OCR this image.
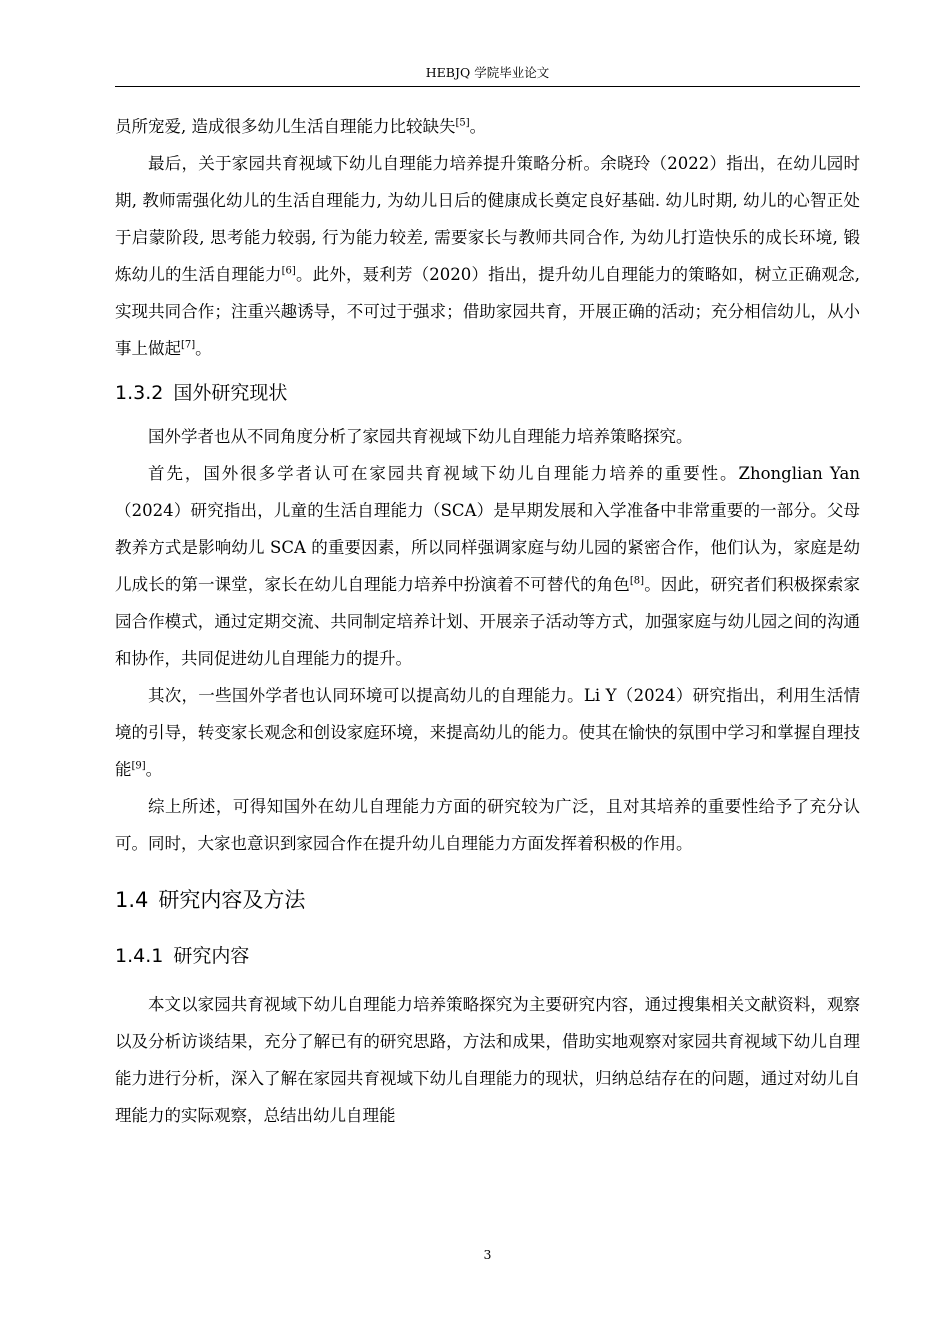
HEBJQ 学院毕业论文

员所宠爱, 造成很多幼儿生活自理能力比较缺失[5]。

最后，关于家园共育视域下幼儿自理能力培养提升策略分析。余晓玲（2022）指出，在幼儿园时期, 教师需强化幼儿的生活自理能力, 为幼儿日后的健康成长奠定良好基础. 幼儿时期, 幼儿的心智正处于启蒙阶段, 思考能力较弱, 行为能力较差, 需要家长与教师共同合作, 为幼儿打造快乐的成长环境, 锻炼幼儿的生活自理能力[6]。此外，聂利芳（2020）指出，提升幼儿自理能力的策略如，树立正确观念, 实现共同合作；注重兴趣诱导，不可过于强求；借助家园共育，开展正确的活动；充分相信幼儿，从小事上做起[7]。

1.3.2 国外研究现状

国外学者也从不同角度分析了家园共育视域下幼儿自理能力培养策略探究。

首先，国外很多学者认可在家园共育视域下幼儿自理能力培养的重要性。Zhonglian Yan（2024）研究指出，儿童的生活自理能力（SCA）是早期发展和入学准备中非常重要的一部分。父母教养方式是影响幼儿 SCA 的重要因素，所以同样强调家庭与幼儿园的紧密合作，他们认为，家庭是幼儿成长的第一课堂，家长在幼儿自理能力培养中扮演着不可替代的角色[8]。因此，研究者们积极探索家园合作模式，通过定期交流、共同制定培养计划、开展亲子活动等方式，加强家庭与幼儿园之间的沟通和协作，共同促进幼儿自理能力的提升。

其次，一些国外学者也认同环境可以提高幼儿的自理能力。Li Y（2024）研究指出，利用生活情境的引导，转变家长观念和创设家庭环境，来提高幼儿的能力。使其在愉快的氛围中学习和掌握自理技能[9]。

综上所述，可得知国外在幼儿自理能力方面的研究较为广泛，且对其培养的重要性给予了充分认可。同时，大家也意识到家园合作在提升幼儿自理能力方面发挥着积极的作用。

1.4 研究内容及方法
1.4.1 研究内容

本文以家园共育视域下幼儿自理能力培养策略探究为主要研究内容，通过搜集相关文献资料，观察以及分析访谈结果，充分了解已有的研究思路，方法和成果，借助实地观察对家园共育视域下幼儿自理能力进行分析，深入了解在家园共育视域下幼儿自理能力的现状，归纳总结存在的问题，通过对幼儿自理能力的实际观察，总结出幼儿自理能

3
